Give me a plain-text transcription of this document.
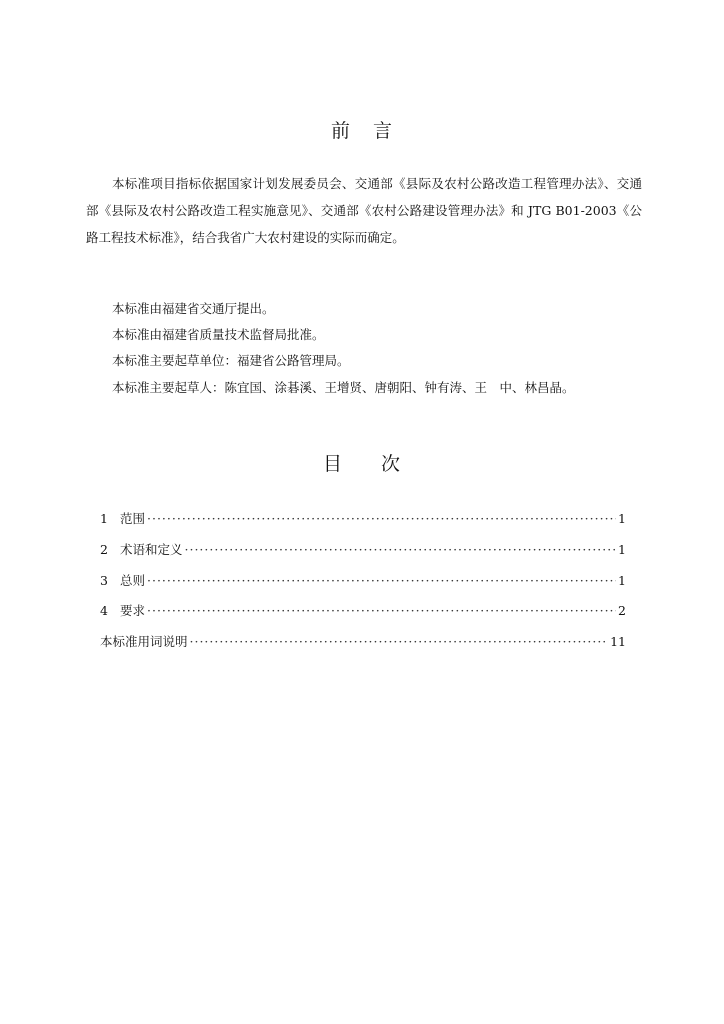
前 言
本标准项目指标依据国家计划发展委员会、交通部《县际及农村公路改造工程管理办法》、交通部《县际及农村公路改造工程实施意见》、交通部《农村公路建设管理办法》和 JTG B01-2003《公路工程技术标准》，结合我省广大农村建设的实际而确定。
本标准由福建省交通厅提出。
本标准由福建省质量技术监督局批准。
本标准主要起草单位：福建省公路管理局。
本标准主要起草人：陈宜国、涂碁溪、王增贤、唐朝阳、钟有涛、王　中、林昌晶。
目 次
1 范围 ·····	1
2 术语和定义 ·····	1
3 总则 ·····	1
4 要求 ·····	2
本标准用词说明 ·····	11
